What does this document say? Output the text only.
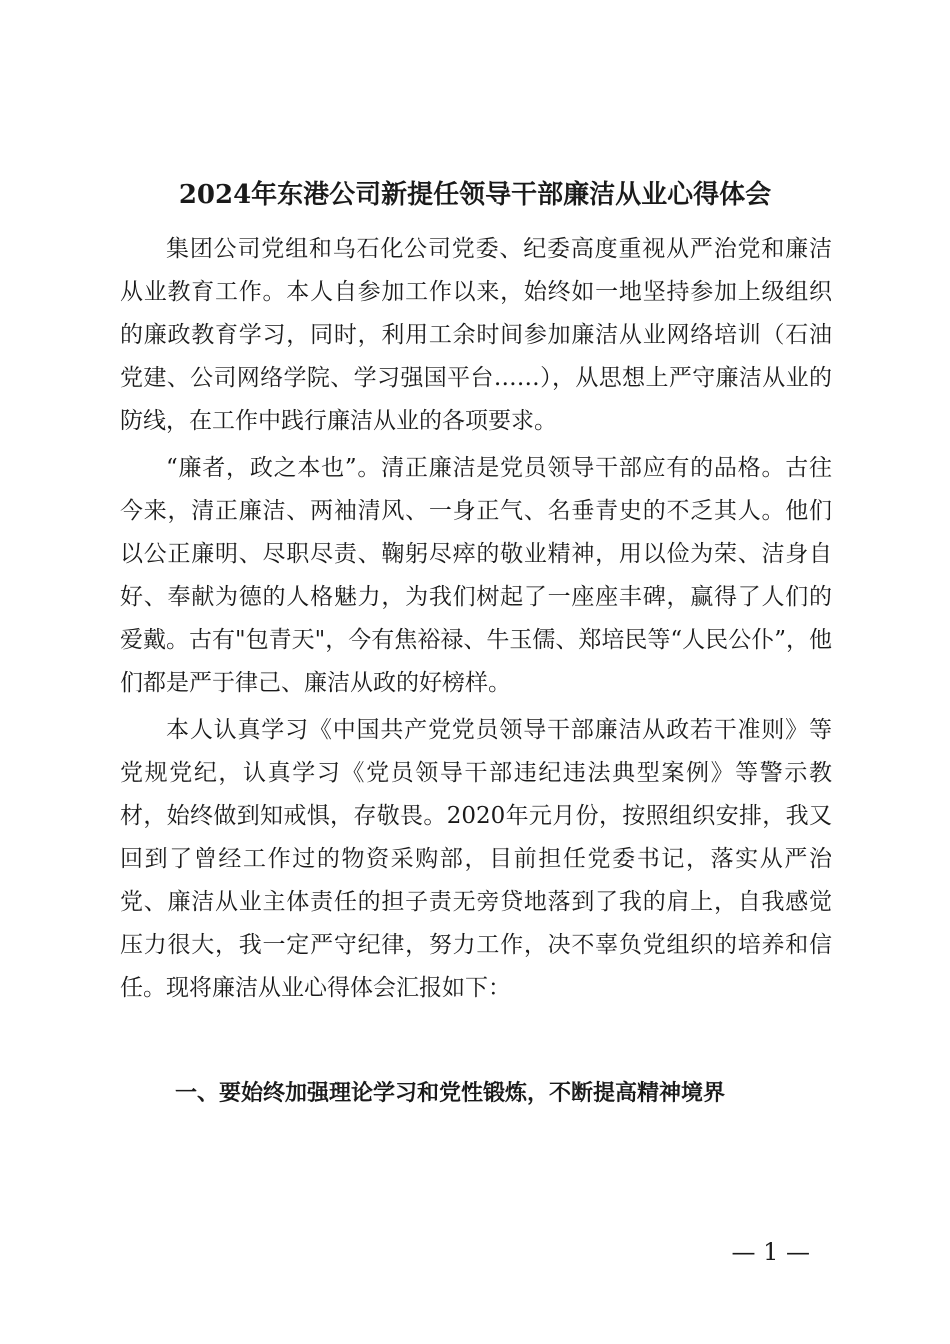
2024年东港公司新提任领导干部廉洁从业心得体会

集团公司党组和乌石化公司党委、纪委高度重视从严治党和廉洁从业教育工作。本人自参加工作以来，始终如一地坚持参加上级组织的廉政教育学习，同时，利用工余时间参加廉洁从业网络培训（石油党建、公司网络学院、学习强国平台……），从思想上严守廉洁从业的防线，在工作中践行廉洁从业的各项要求。

“廉者，政之本也”。清正廉洁是党员领导干部应有的品格。古往今来，清正廉洁、两袖清风、一身正气、名垂青史的不乏其人。他们以公正廉明、尽职尽责、鞠躬尽瘁的敬业精神，用以俭为荣、洁身自好、奉献为德的人格魅力，为我们树起了一座座丰碑，赢得了人们的爱戴。古有"包青天"，今有焦裕禄、牛玉儒、郑培民等“人民公仆”，他们都是严于律己、廉洁从政的好榜样。

本人认真学习《中国共产党党员领导干部廉洁从政若干准则》等党规党纪，认真学习《党员领导干部违纪违法典型案例》等警示教材，始终做到知戒惧，存敬畏。2020年元月份，按照组织安排，我又回到了曾经工作过的物资采购部，目前担任党委书记，落实从严治党、廉洁从业主体责任的担子责无旁贷地落到了我的肩上，自我感觉压力很大，我一定严守纪律，努力工作，决不辜负党组织的培养和信任。现将廉洁从业心得体会汇报如下：

一、要始终加强理论学习和党性锻炼，不断提高精神境界
— 1 —
